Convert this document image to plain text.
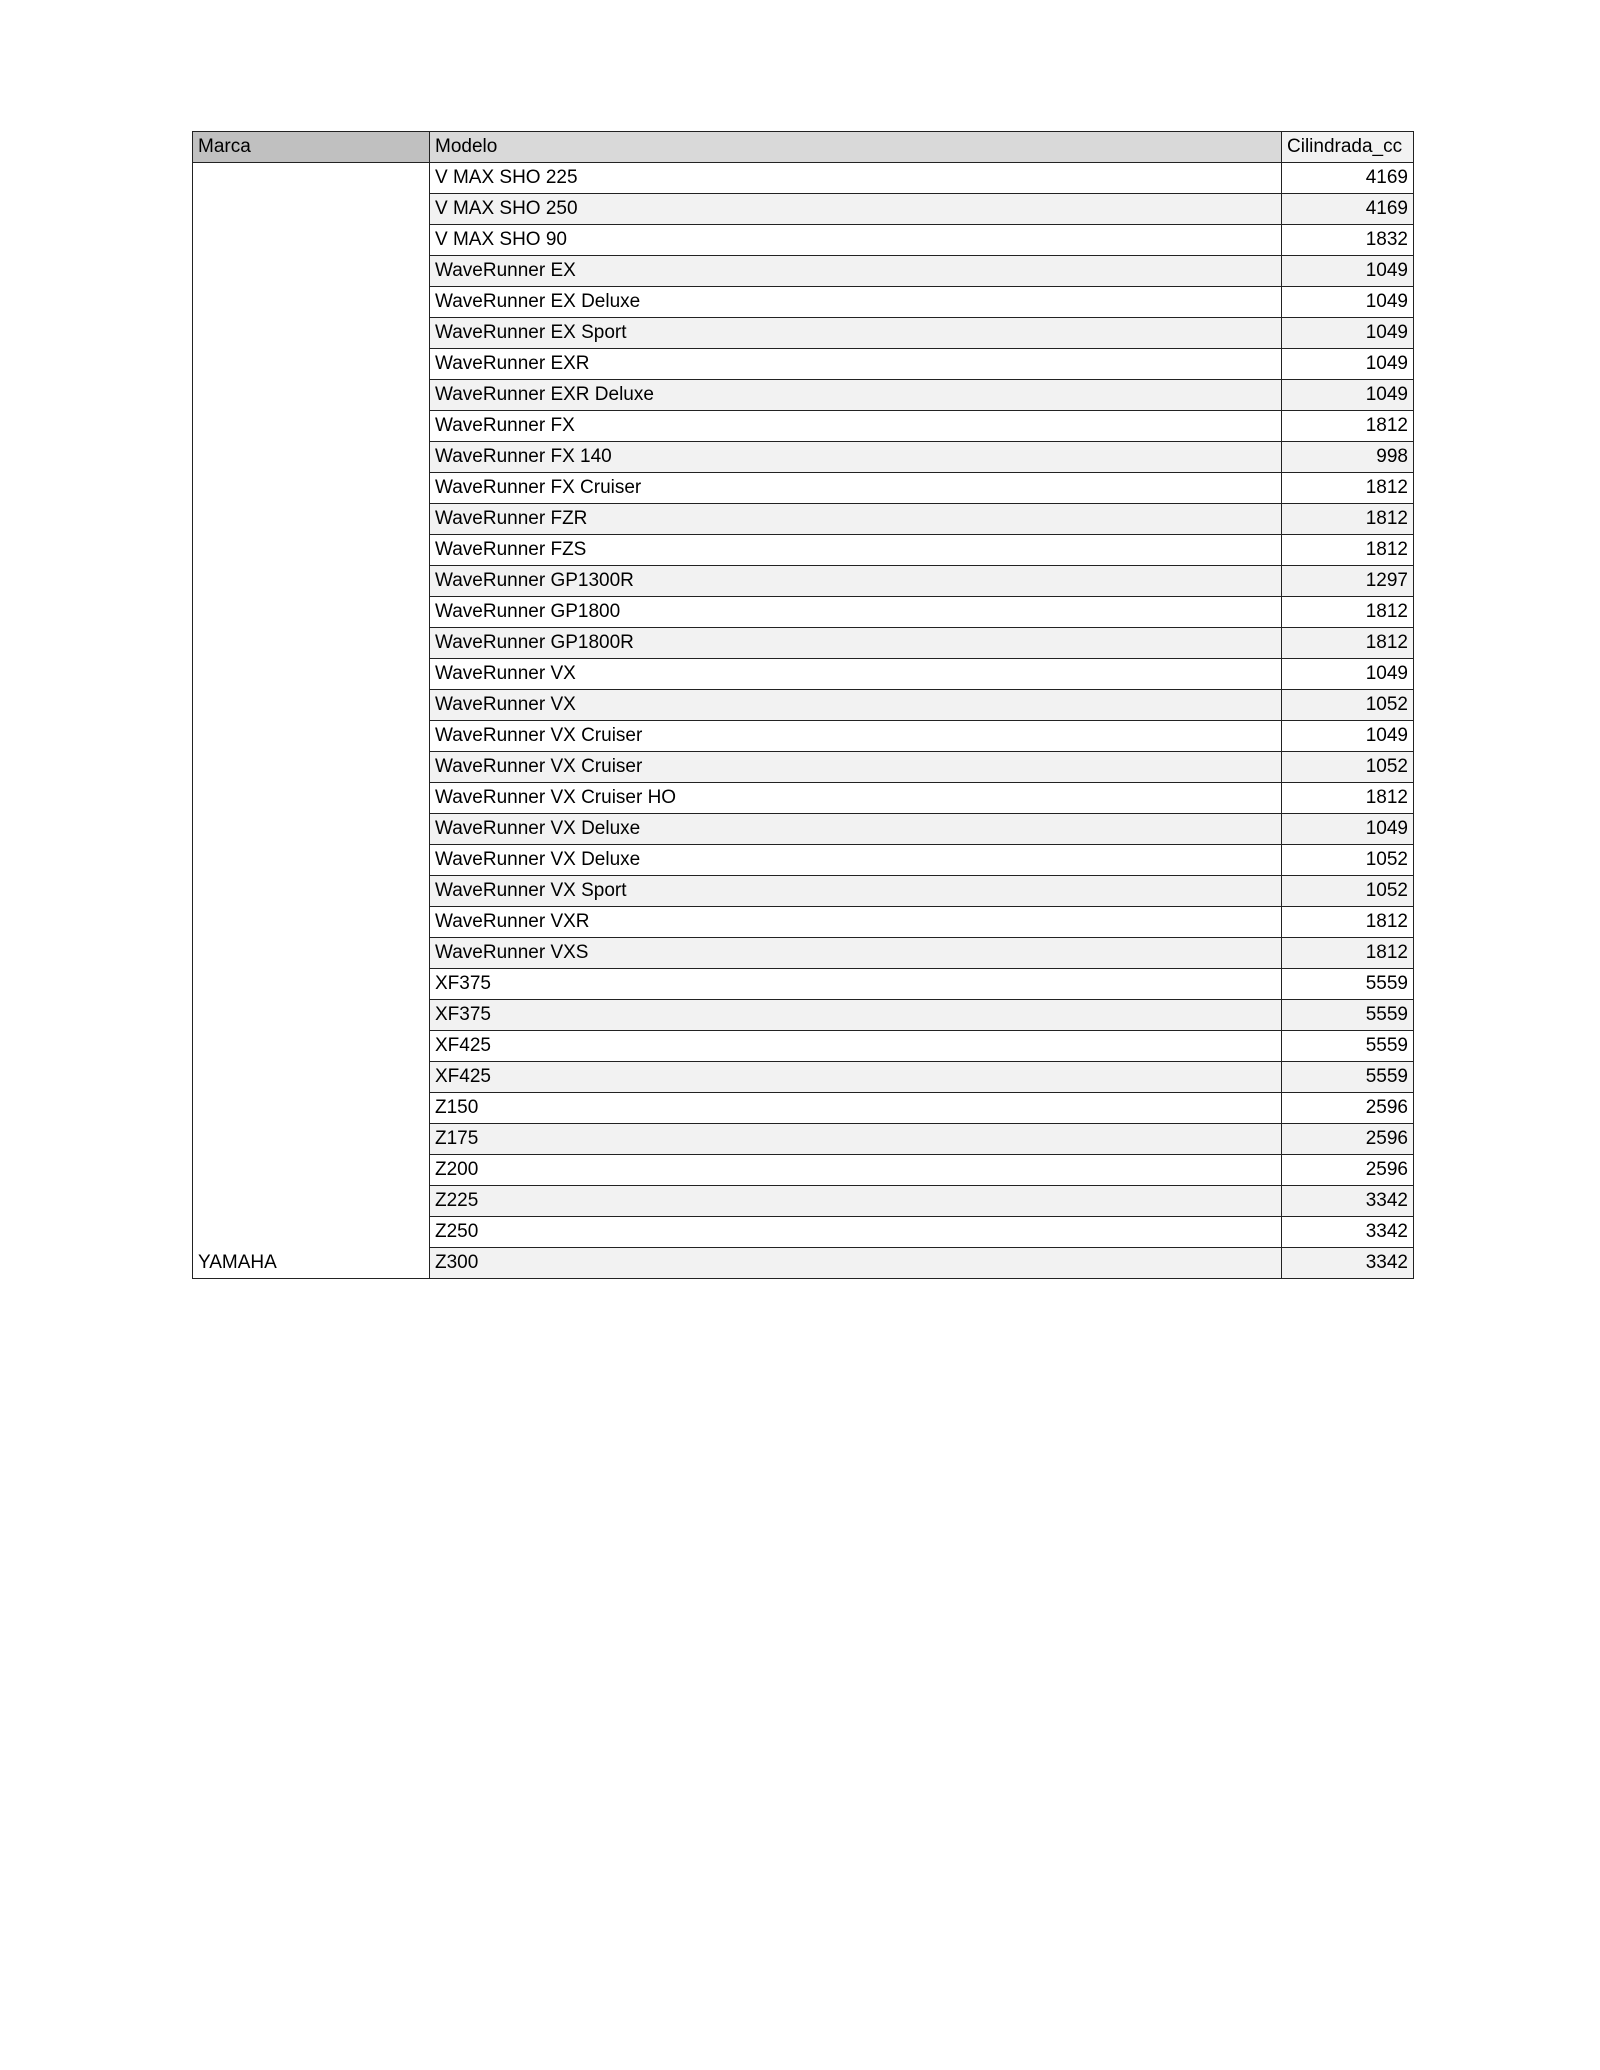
Marca	Modelo	Cilindrada_cc
	V MAX SHO 225	4169
	V MAX SHO 250	4169
	V MAX SHO 90	1832
	WaveRunner EX	1049
	WaveRunner EX Deluxe	1049
	WaveRunner EX Sport	1049
	WaveRunner EXR	1049
	WaveRunner EXR Deluxe	1049
	WaveRunner FX	1812
	WaveRunner FX 140	998
	WaveRunner FX Cruiser	1812
	WaveRunner FZR	1812
	WaveRunner FZS	1812
	WaveRunner GP1300R	1297
	WaveRunner GP1800	1812
	WaveRunner GP1800R	1812
	WaveRunner VX	1049
	WaveRunner VX	1052
	WaveRunner VX Cruiser	1049
	WaveRunner VX Cruiser	1052
	WaveRunner VX Cruiser HO	1812
	WaveRunner VX Deluxe	1049
	WaveRunner VX Deluxe	1052
	WaveRunner VX Sport	1052
	WaveRunner VXR	1812
	WaveRunner VXS	1812
	XF375	5559
	XF375	5559
	XF425	5559
	XF425	5559
	Z150	2596
	Z175	2596
	Z200	2596
	Z225	3342
	Z250	3342
YAMAHA	Z300	3342
